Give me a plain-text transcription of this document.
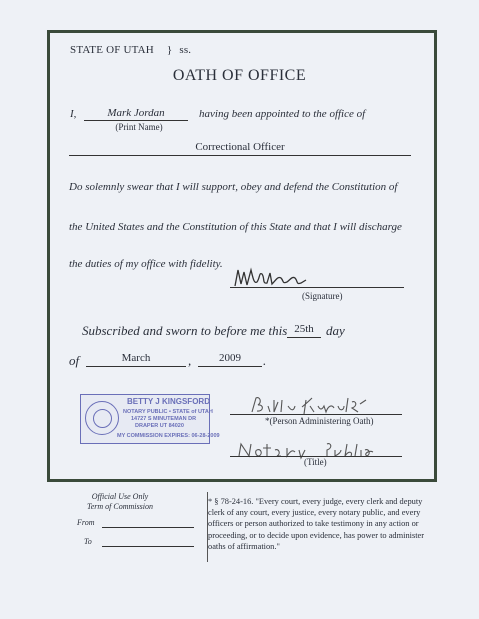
STATE OF UTAH } ss.
OATH OF OFFICE
I,	Mark Jordan
(Print Name)
having been appointed to the office of
Correctional Officer
Do solemnly swear that I will support, obey and defend the Constitution of
the United States and the Constitution of this State and that I will discharge
the duties of my office with fidelity.
(Signature)
Subscribed and sworn to before me this 25th day
of	March	,	2009	.
BETTY J KINGSFORD
NOTARY PUBLIC • STATE of UTAH
14727 S MINUTEMAN DR
DRAPER UT 84020
MY COMMISSION EXPIRES: 06-28-2009
*(Person Administering Oath)
(Title)
Official Use Only
Term of Commission
From
To
* § 78-24-16. "Every court, every judge, every clerk and deputy clerk of any court, every justice, every notary public, and every officers or person authorized to take testimony in any action or proceeding, or to decide upon evidence, has power to administer oaths of affirmation."
